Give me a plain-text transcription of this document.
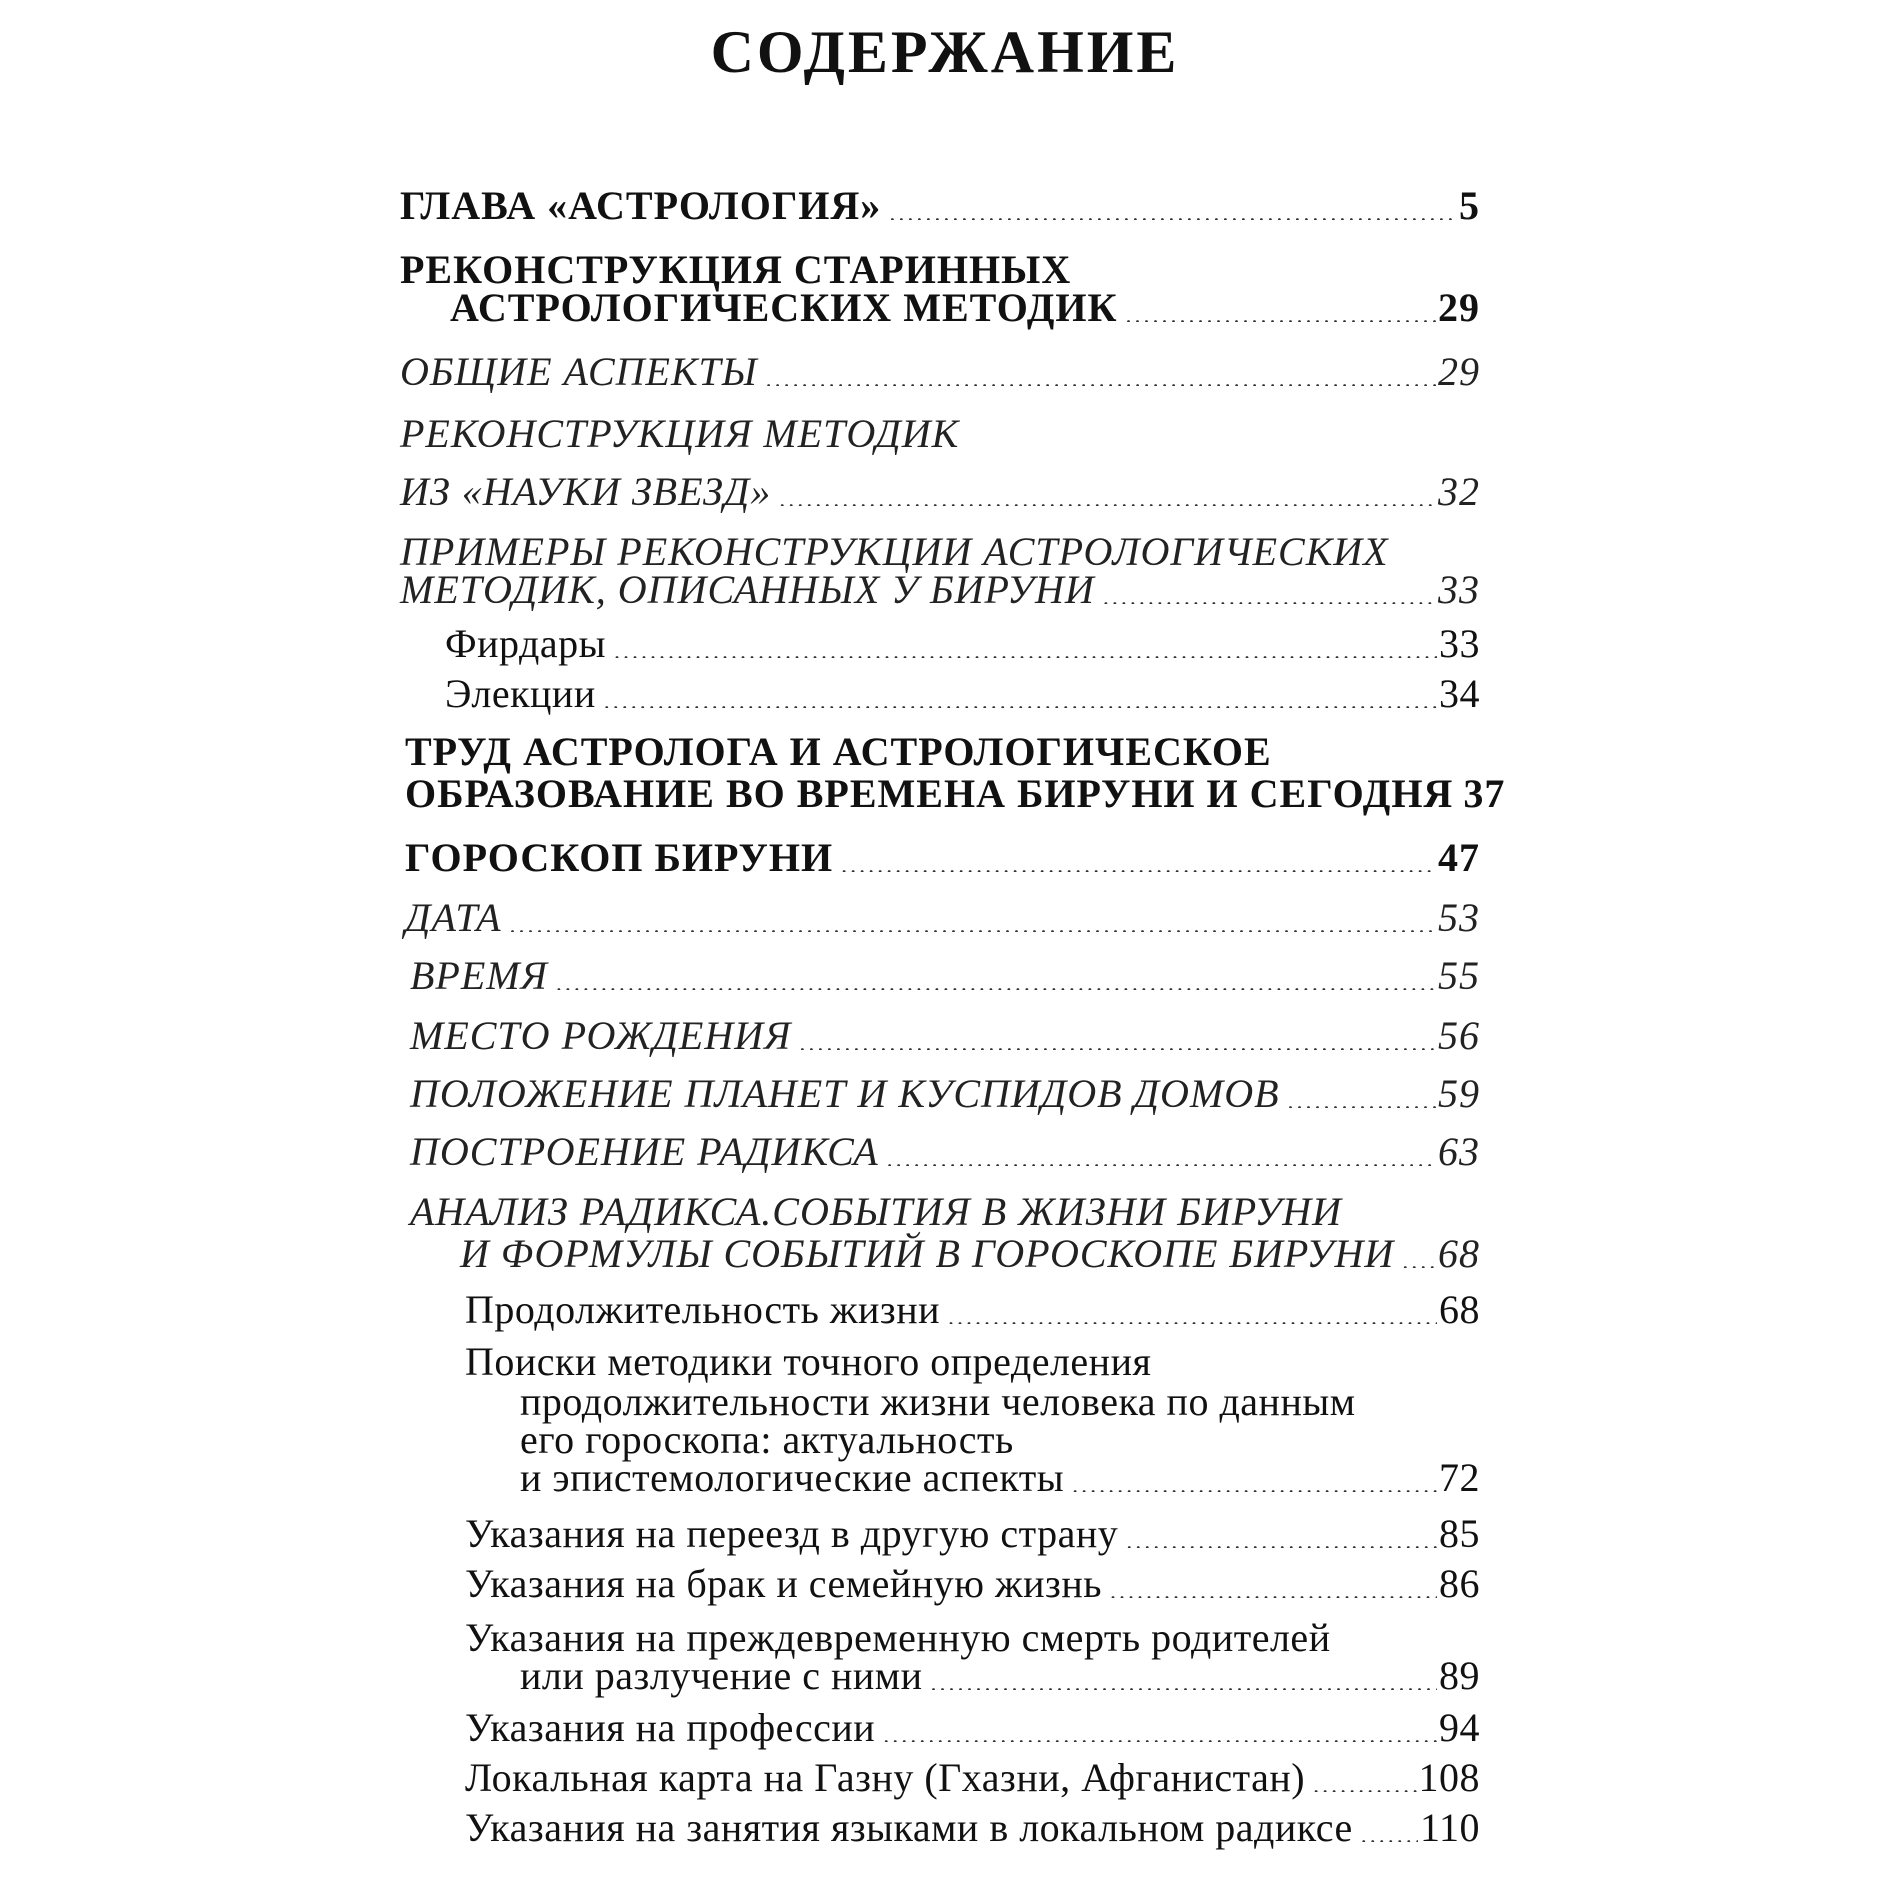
СОДЕРЖАНИЕ
ГЛАВА «АСТРОЛОГИЯ» .....	5
РЕКОНСТРУКЦИЯ СТАРИННЫХ
АСТРОЛОГИЧЕСКИХ МЕТОДИК .....	29
ОБЩИЕ АСПЕКТЫ .....	29
РЕКОНСТРУКЦИЯ МЕТОДИК
ИЗ «НАУКИ ЗВЕЗД» .....	32
ПРИМЕРЫ РЕКОНСТРУКЦИИ АСТРОЛОГИЧЕСКИХ
МЕТОДИК, ОПИСАННЫХ У БИРУНИ .....	33
Фирдары .....	33
Элекции .....	34
ТРУД АСТРОЛОГА И АСТРОЛОГИЧЕСКОЕ
ОБРАЗОВАНИЕ ВО ВРЕМЕНА БИРУНИ И СЕГОДНЯ 37
ГОРОСКОП БИРУНИ .....	47
ДАТА .....	53
ВРЕМЯ .....	55
МЕСТО РОЖДЕНИЯ .....	56
ПОЛОЖЕНИЕ ПЛАНЕТ И КУСПИДОВ ДОМОВ .....	59
ПОСТРОЕНИЕ РАДИКСА .....	63
АНАЛИЗ РАДИКСА.СОБЫТИЯ В ЖИЗНИ БИРУНИ
И ФОРМУЛЫ СОБЫТИЙ В ГОРОСКОПЕ БИРУНИ ..... 68
Продолжительность жизни .....	68
Поиски методики точного определения
продолжительности жизни человека по данным
его гороскопа: актуальность
и эпистемологические аспекты .....	72
Указания на переезд в другую страну .....	85
Указания на брак и семейную жизнь .....	86
Указания на преждевременную смерть родителей
или разлучение с ними .....	89
Указания на профессии .....	94
Локальная карта на Газну (Гхазни, Афганистан) .....	108
Указания на занятия языками в локальном радиксе ..... 110
